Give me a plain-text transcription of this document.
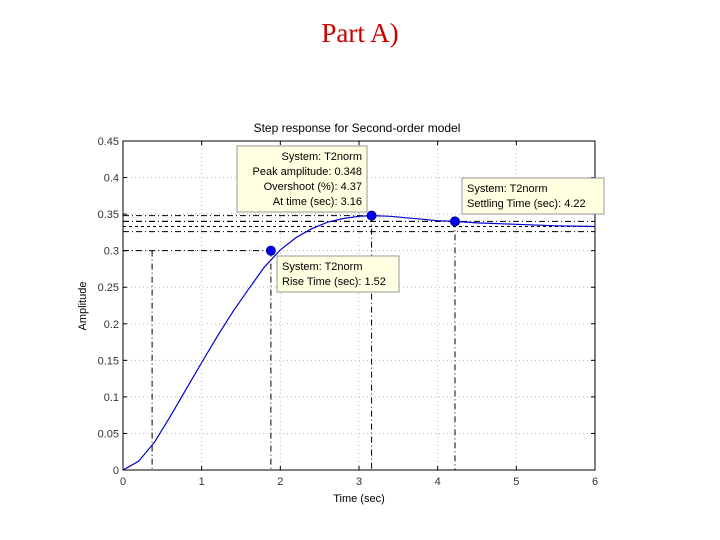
Part A)
Step response for Second-order model
0	1	2	3	4	5	6
0
0.05
0.1
0.15
0.2
0.25
0.3
0.35
0.4
0.45
Time (sec)
Amplitude
System: T2norm
Rise Time (sec): 1.52
System: T2norm
Peak amplitude: 0.348
Overshoot (%): 4.37
At time (sec): 3.16
System: T2norm
Settling Time (sec): 4.22
